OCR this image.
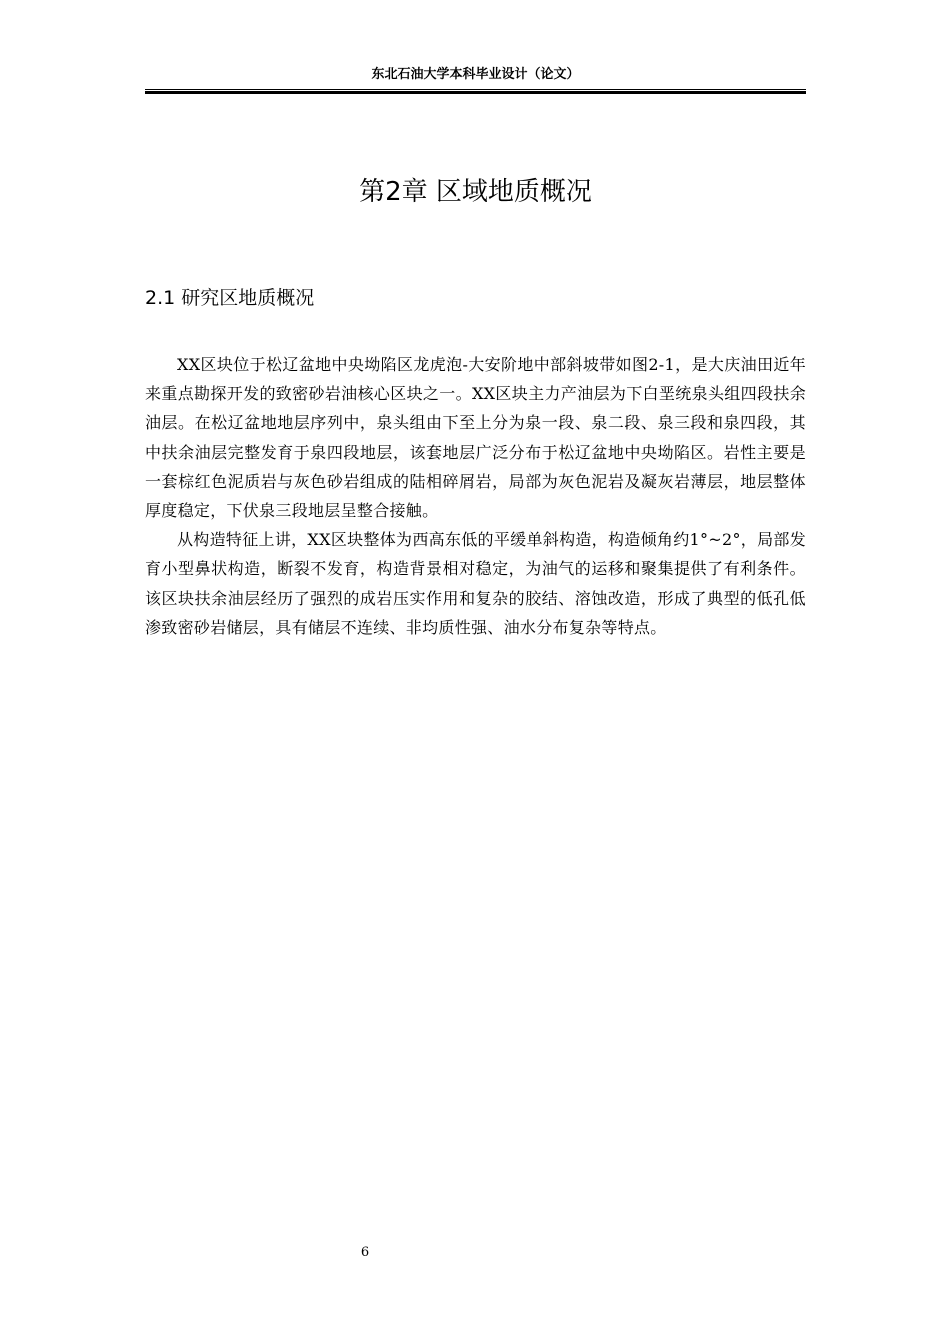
东北石油大学本科毕业设计（论文）
第2章 区域地质概况
2.1 研究区地质概况

XX区块位于松辽盆地中央坳陷区龙虎泡-大安阶地中部斜坡带如图2-1，是大庆油田近年来重点勘探开发的致密砂岩油核心区块之一。XX区块主力产油层为下白垩统泉头组四段扶余油层。在松辽盆地地层序列中，泉头组由下至上分为泉一段、泉二段、泉三段和泉四段，其中扶余油层完整发育于泉四段地层，该套地层广泛分布于松辽盆地中央坳陷区。岩性主要是一套棕红色泥质岩与灰色砂岩组成的陆相碎屑岩，局部为灰色泥岩及凝灰岩薄层，地层整体厚度稳定，下伏泉三段地层呈整合接触。

从构造特征上讲，XX区块整体为西高东低的平缓单斜构造，构造倾角约1°~2°，局部发育小型鼻状构造，断裂不发育，构造背景相对稳定，为油气的运移和聚集提供了有利条件。该区块扶余油层经历了强烈的成岩压实作用和复杂的胶结、溶蚀改造，形成了典型的低孔低渗致密砂岩储层，具有储层不连续、非均质性强、油水分布复杂等特点。

6
